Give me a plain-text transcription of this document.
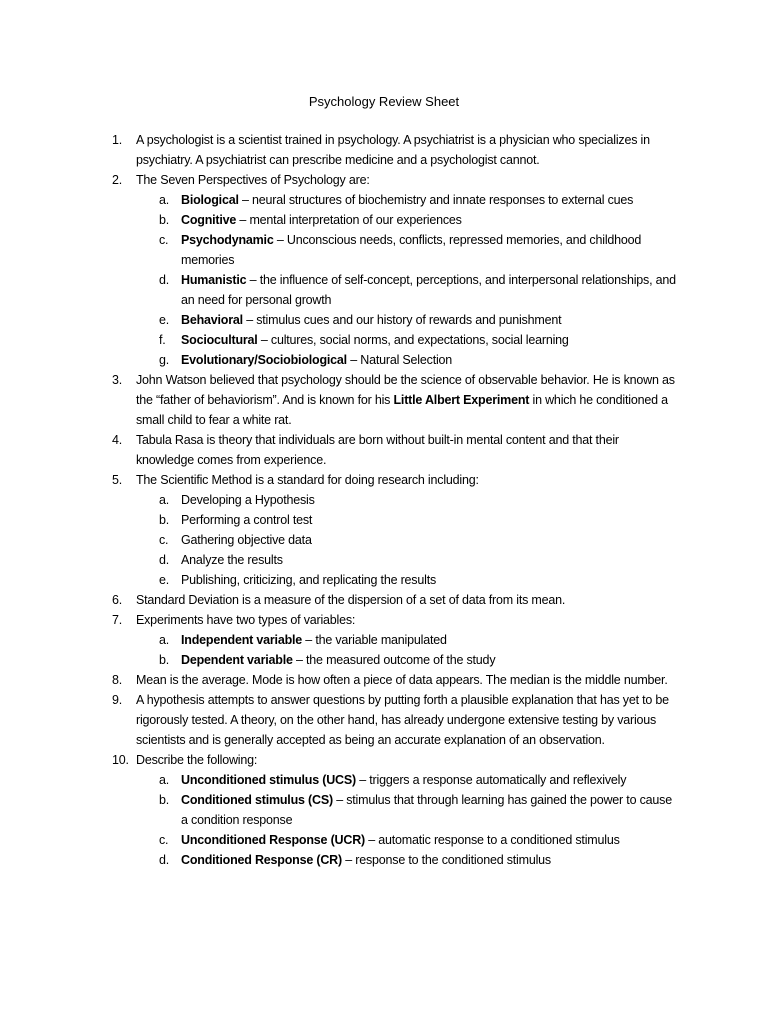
Psychology Review Sheet
1. A psychologist is a scientist trained in psychology. A psychiatrist is a physician who specializes in psychiatry. A psychiatrist can prescribe medicine and a psychologist cannot.
2. The Seven Perspectives of Psychology are:
a. Biological – neural structures of biochemistry and innate responses to external cues
b. Cognitive – mental interpretation of our experiences
c. Psychodynamic – Unconscious needs, conflicts, repressed memories, and childhood memories
d. Humanistic – the influence of self-concept, perceptions, and interpersonal relationships, and an need for personal growth
e. Behavioral – stimulus cues and our history of rewards and punishment
f. Sociocultural – cultures, social norms, and expectations, social learning
g. Evolutionary/Sociobiological – Natural Selection
3. John Watson believed that psychology should be the science of observable behavior. He is known as the “father of behaviorism”. And is known for his Little Albert Experiment in which he conditioned a small child to fear a white rat.
4. Tabula Rasa is theory that individuals are born without built-in mental content and that their knowledge comes from experience.
5. The Scientific Method is a standard for doing research including:
a. Developing a Hypothesis
b. Performing a control test
c. Gathering objective data
d. Analyze the results
e. Publishing, criticizing, and replicating the results
6. Standard Deviation is a measure of the dispersion of a set of data from its mean.
7. Experiments have two types of variables:
a. Independent variable – the variable manipulated
b. Dependent variable – the measured outcome of the study
8. Mean is the average. Mode is how often a piece of data appears. The median is the middle number.
9. A hypothesis attempts to answer questions by putting forth a plausible explanation that has yet to be rigorously tested. A theory, on the other hand, has already undergone extensive testing by various scientists and is generally accepted as being an accurate explanation of an observation.
10. Describe the following:
a. Unconditioned stimulus (UCS) – triggers a response automatically and reflexively
b. Conditioned stimulus (CS) – stimulus that through learning has gained the power to cause a condition response
c. Unconditioned Response (UCR) – automatic response to a conditioned stimulus
d. Conditioned Response (CR) – response to the conditioned stimulus
